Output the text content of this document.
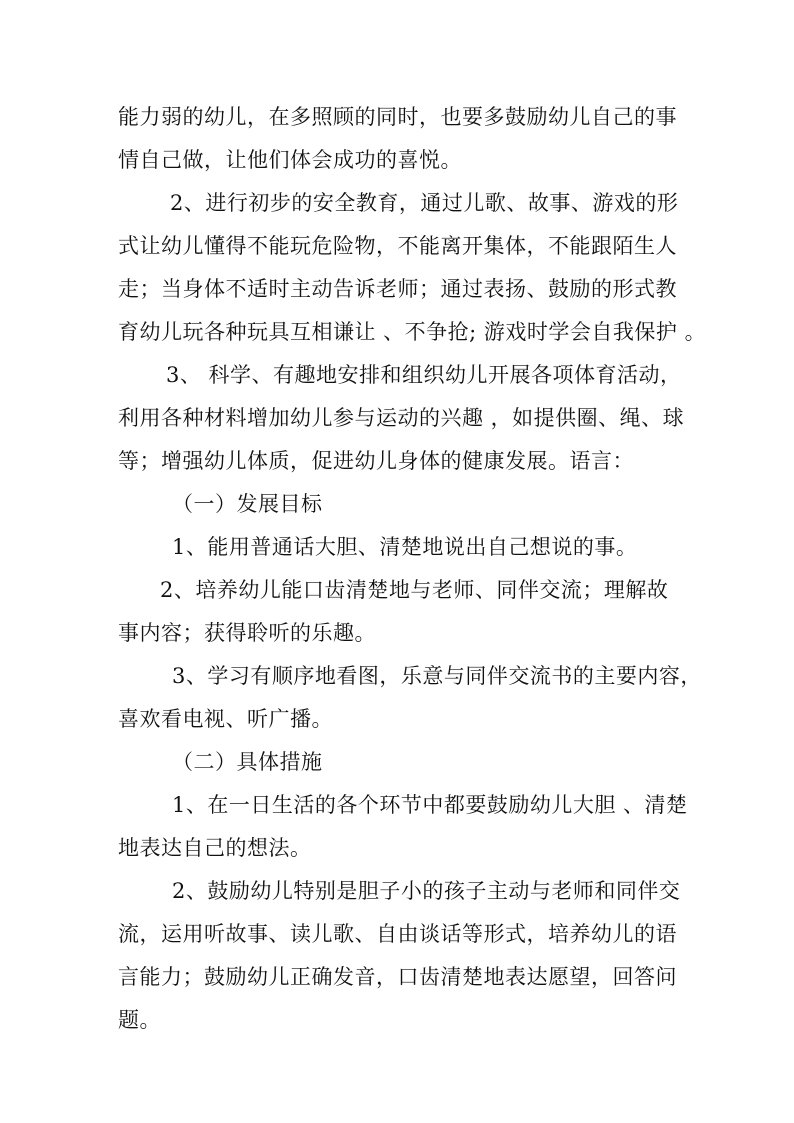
能力弱的幼儿，在多照顾的同时，也要多鼓励幼儿自己的事
情自己做，让他们体会成功的喜悦。
2、进行初步的安全教育，通过儿歌、故事、游戏的形
式让幼儿懂得不能玩危险物，不能离开集体，不能跟陌生人
走；当身体不适时主动告诉老师；通过表扬、鼓励的形式教
育幼儿玩各种玩具互相谦让 、不争抢; 游戏时学会自我保护 。
3、 科学、有趣地安排和组织幼儿开展各项体育活动，
利用各种材料增加幼儿参与运动的兴趣 ，如提供圈、绳、球
等；增强幼儿体质，促进幼儿身体的健康发展。语言：
（一）发展目标
1、能用普通话大胆、清楚地说出自己想说的事。
2、培养幼儿能口齿清楚地与老师、同伴交流；理解故
事内容；获得聆听的乐趣。
3、学习有顺序地看图，乐意与同伴交流书的主要内容，
喜欢看电视、听广播。
（二）具体措施
1、在一日生活的各个环节中都要鼓励幼儿大胆 、清楚
地表达自己的想法。
2、鼓励幼儿特别是胆子小的孩子主动与老师和同伴交
流，运用听故事、读儿歌、自由谈话等形式，培养幼儿的语
言能力；鼓励幼儿正确发音，口齿清楚地表达愿望，回答问
题。
